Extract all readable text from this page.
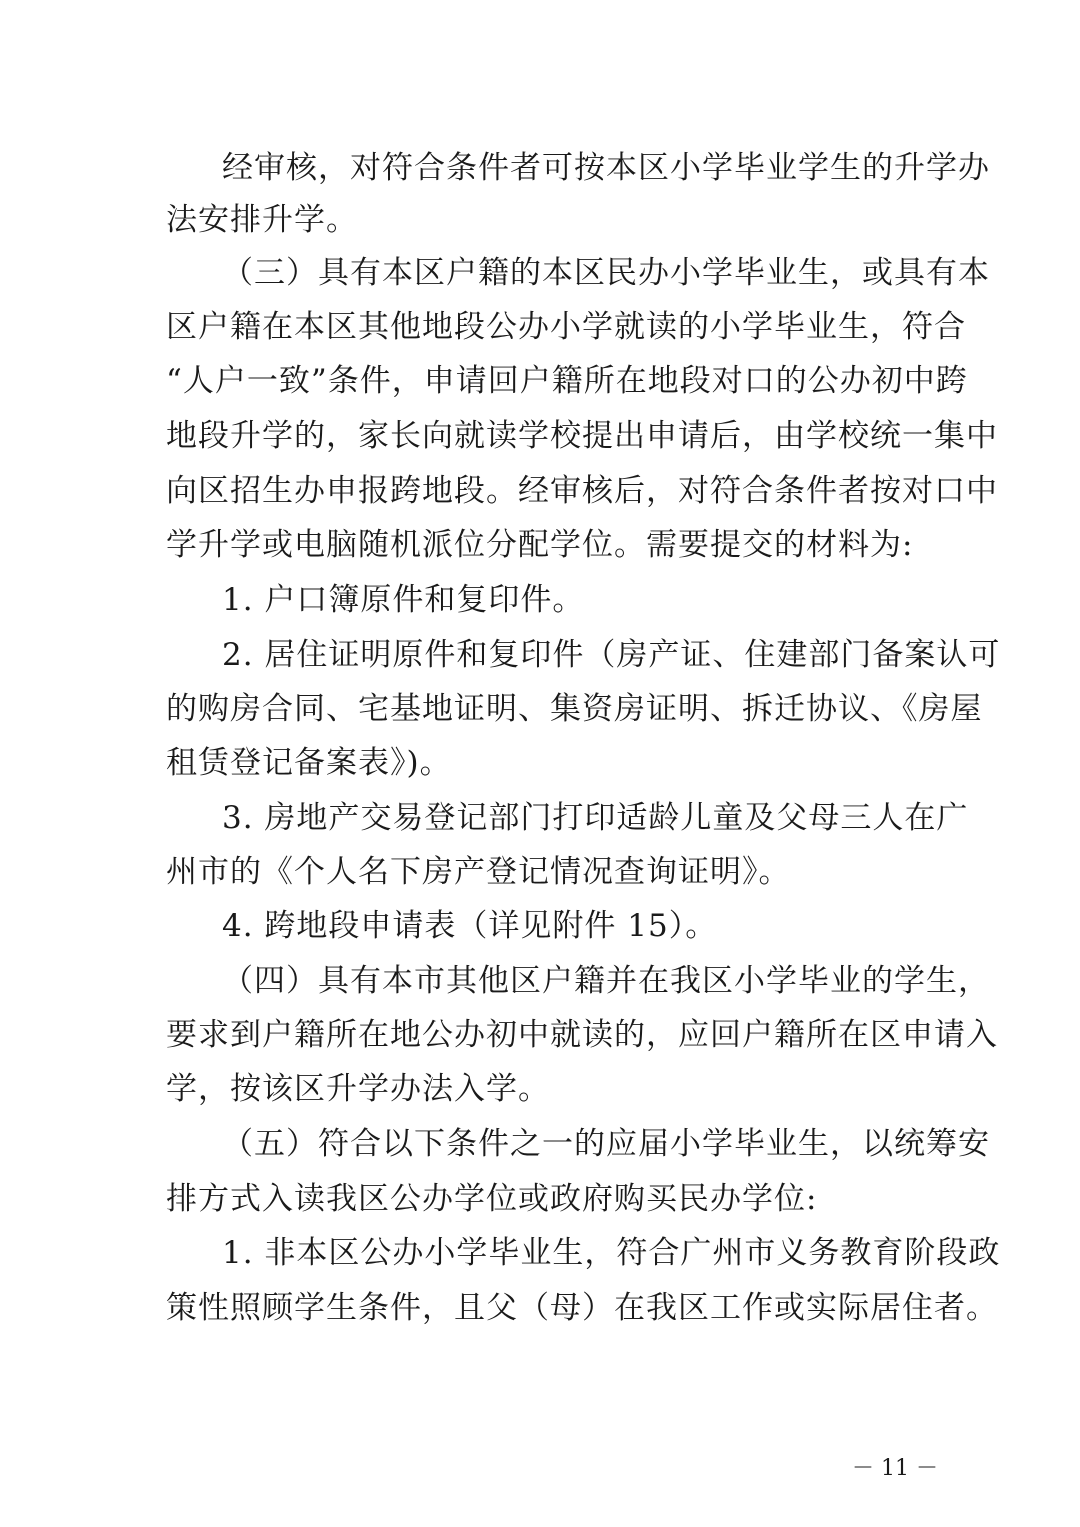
经审核，对符合条件者可按本区小学毕业学生的升学办
法安排升学。
（三）具有本区户籍的本区民办小学毕业生，或具有本
区户籍在本区其他地段公办小学就读的小学毕业生，符合
“人户一致”条件，申请回户籍所在地段对口的公办初中跨
地段升学的，家长向就读学校提出申请后，由学校统一集中
向区招生办申报跨地段。经审核后，对符合条件者按对口中
学升学或电脑随机派位分配学位。需要提交的材料为:
1. 户口簿原件和复印件。
2. 居住证明原件和复印件（房产证、住建部门备案认可
的购房合同、宅基地证明、集资房证明、拆迁协议、《房屋
租赁登记备案表》)。
3. 房地产交易登记部门打印适龄儿童及父母三人在广
州市的《个人名下房产登记情况查询证明》。
4. 跨地段申请表（详见附件 15）。
（四）具有本市其他区户籍并在我区小学毕业的学生，
要求到户籍所在地公办初中就读的，应回户籍所在区申请入
学，按该区升学办法入学。
（五）符合以下条件之一的应届小学毕业生，以统筹安
排方式入读我区公办学位或政府购买民办学位:
1. 非本区公办小学毕业生，符合广州市义务教育阶段政
策性照顾学生条件，且父（母）在我区工作或实际居住者。
－ 11 －
